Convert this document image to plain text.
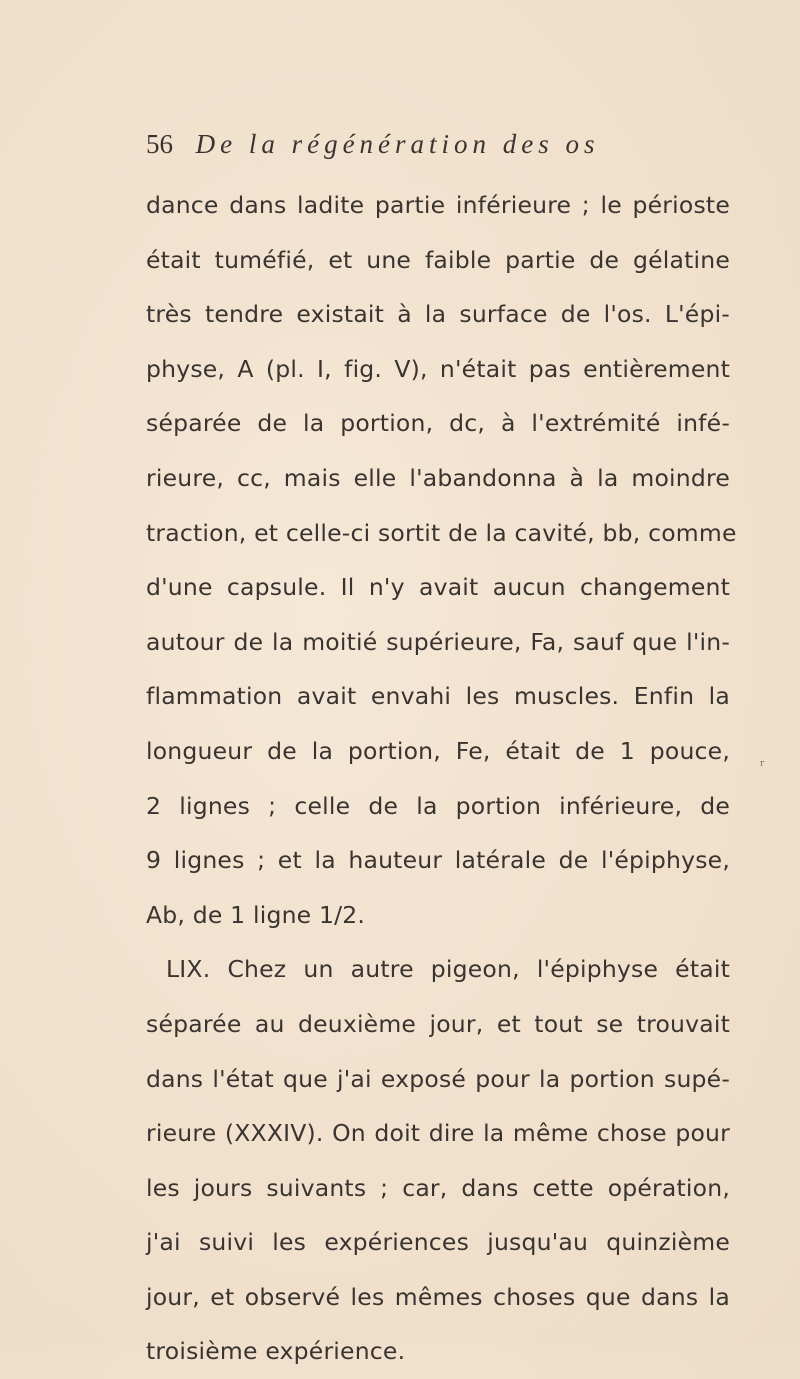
56 De la régénération des os
dance dans ladite partie inférieure ; le périoste
était tuméfié, et une faible partie de gélatine
très tendre existait à la surface de l'os. L'épi-
physe, A (pl. I, fig. V), n'était pas entièrement
séparée de la portion, dc, à l'extrémité infé-
rieure, cc, mais elle l'abandonna à la moindre
traction, et celle-ci sortit de la cavité, bb, comme
d'une capsule. Il n'y avait aucun changement
autour de la moitié supérieure, Fa, sauf que l'in-
flammation avait envahi les muscles. Enfin la
longueur de la portion, Fe, était de 1 pouce,
2 lignes ; celle de la portion inférieure, de
9 lignes ; et la hauteur latérale de l'épiphyse,
Ab, de 1 ligne 1/2.
LIX. Chez un autre pigeon, l'épiphyse était
séparée au deuxième jour, et tout se trouvait
dans l'état que j'ai exposé pour la portion supé-
rieure (XXXIV). On doit dire la même chose pour
les jours suivants ; car, dans cette opération,
j'ai suivi les expériences jusqu'au quinzième
jour, et observé les mêmes choses que dans la
troisième expérience.
ʳ
